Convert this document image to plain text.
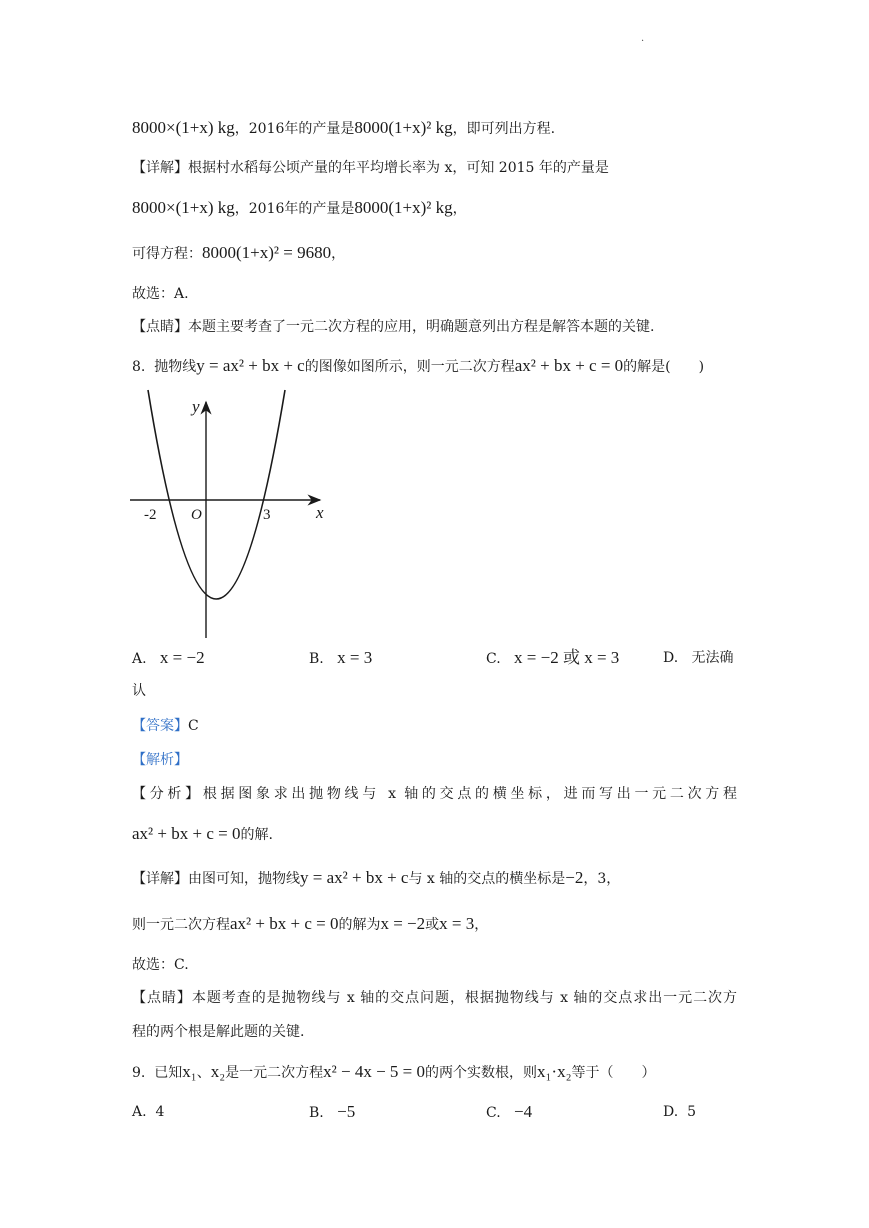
·
8000×(1+x) kg，2016年的产量是8000(1+x)² kg，即可列出方程.
【详解】根据村水稻每公顷产量的年平均增长率为 x，可知 2015 年的产量是
8000×(1+x) kg，2016年的产量是8000(1+x)² kg，
可得方程：8000(1+x)² = 9680，
故选：A.
【点睛】本题主要考查了一元二次方程的应用，明确题意列出方程是解答本题的关键.
8. 抛物线y = ax² + bx + c的图像如图所示，则一元二次方程ax² + bx + c = 0的解是(　　)
y
x
O
-2	3
A. x = −2	B. x = 3	C. x = −2 或 x = 3	D. 无法确
认
【答案】C
【解析】
【分析】根据图象求出抛物线与 x 轴的交点的横坐标，进而写出一元二次方程
ax² + bx + c = 0的解.
【详解】由图可知，抛物线y = ax² + bx + c与 x 轴的交点的横坐标是−2，3，
则一元二次方程ax² + bx + c = 0的解为x = −2或x = 3，
故选：C.
【点睛】本题考查的是抛物线与 x 轴的交点问题，根据抛物线与 x 轴的交点求出一元二次方
程的两个根是解此题的关键.
9. 已知x₁、x₂是一元二次方程x² − 4x − 5 = 0的两个实数根，则x₁·x₂等于（　　）
A. 4	B. −5	C. −4	D. 5
